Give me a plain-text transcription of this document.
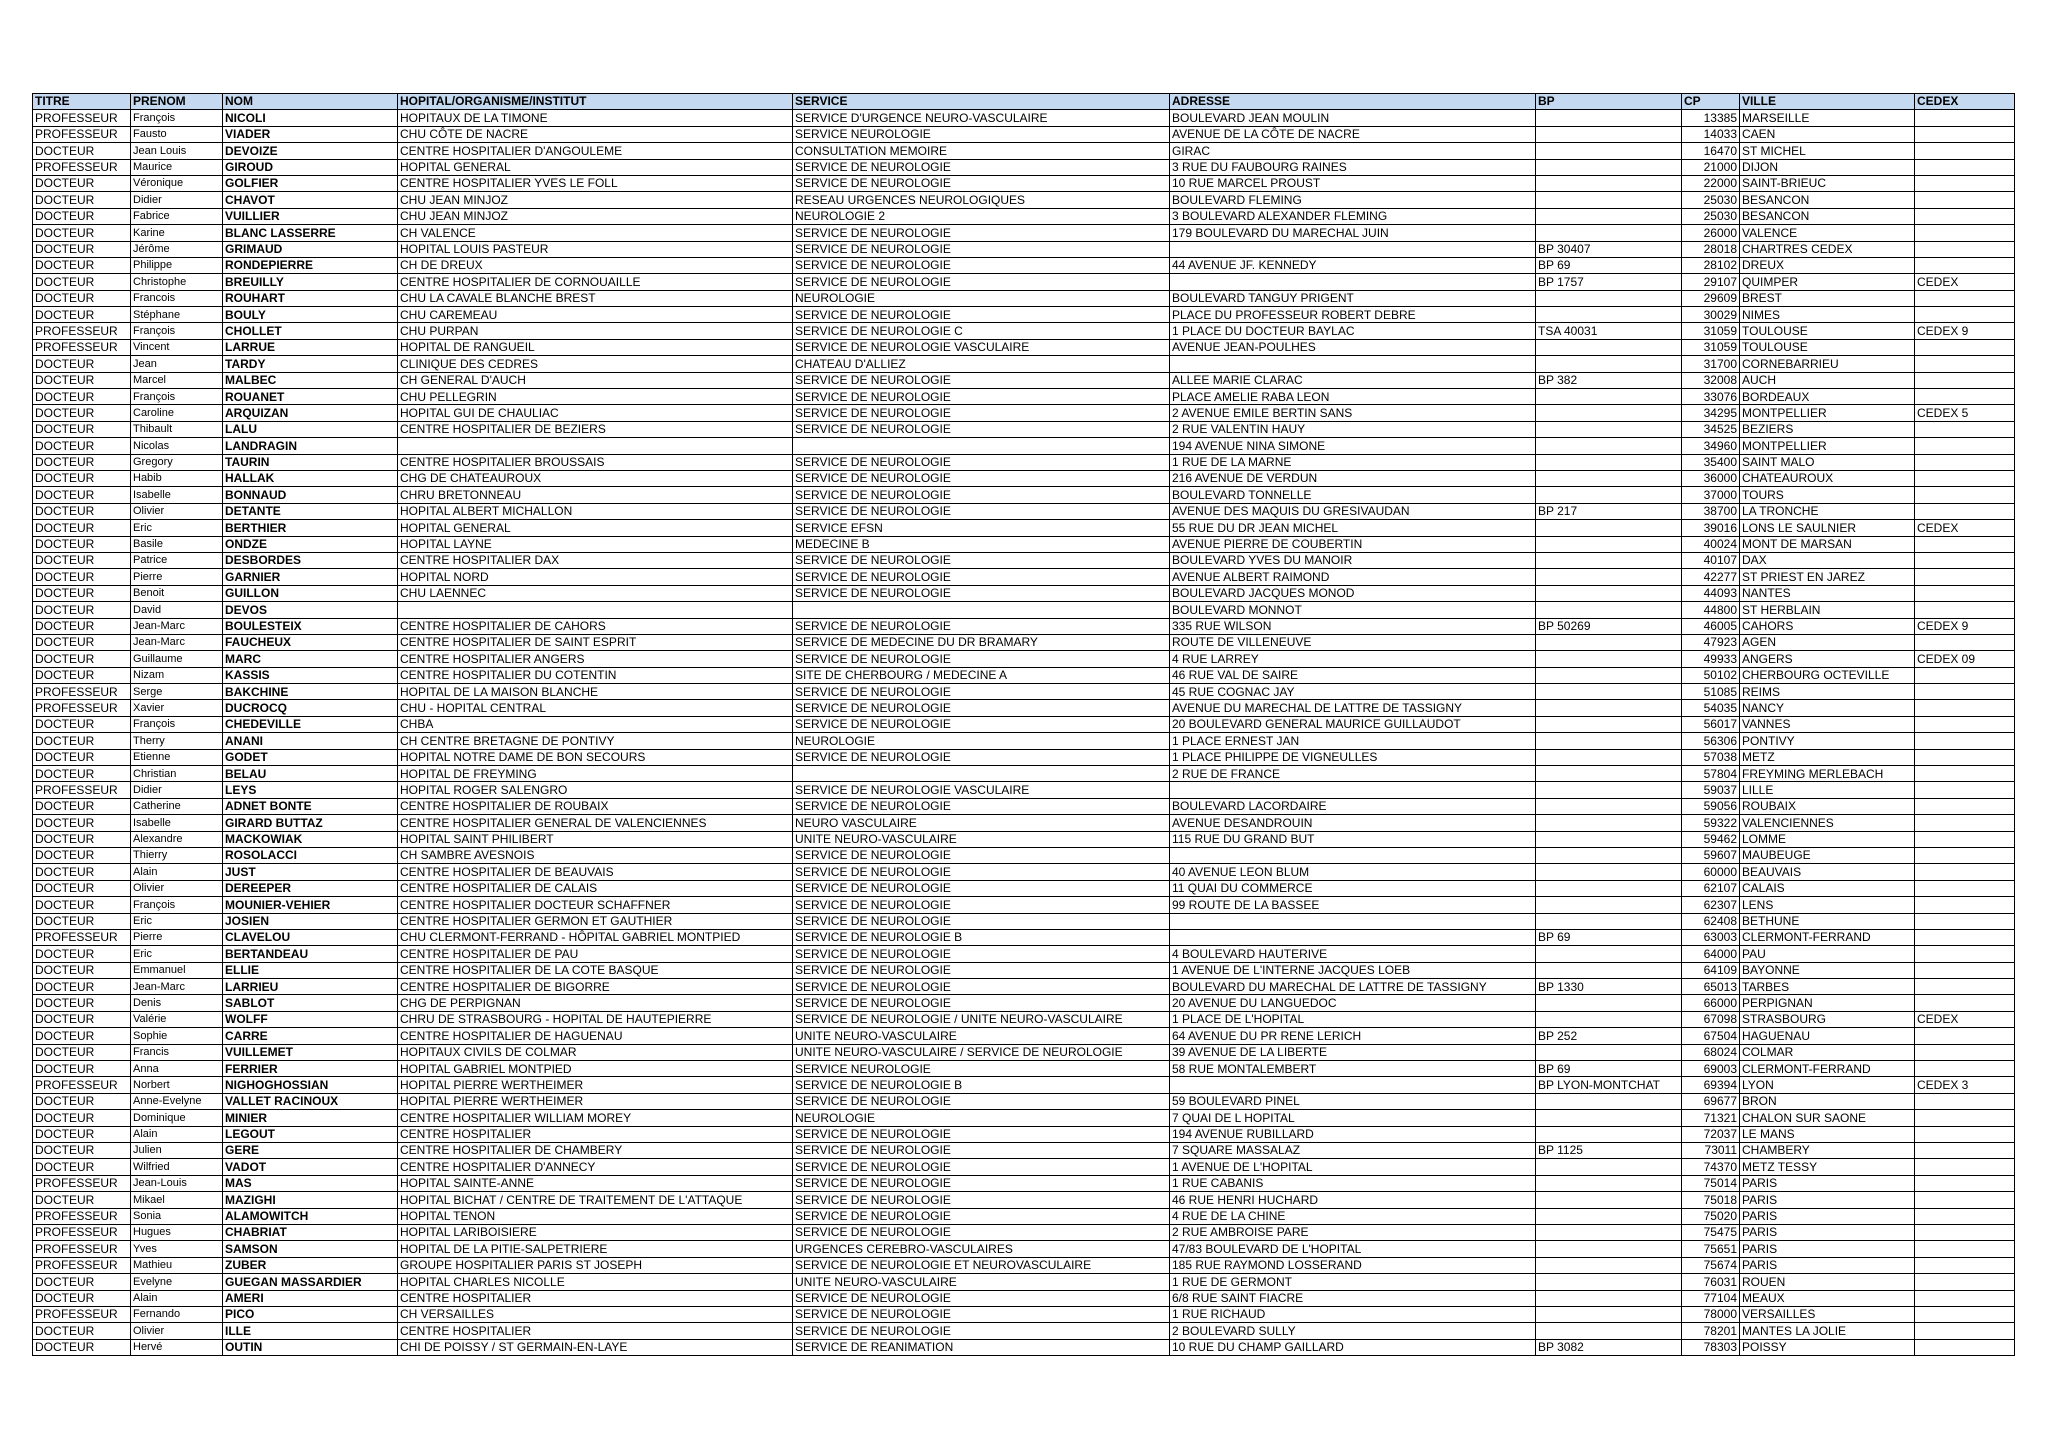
TITRE	PRENOM	NOM	HOPITAL/ORGANISME/INSTITUT	SERVICE	ADRESSE	BP	CP	VILLE	CEDEX
PROFESSEUR	François	NICOLI	HOPITAUX DE LA TIMONE	SERVICE D'URGENCE NEURO-VASCULAIRE	BOULEVARD JEAN MOULIN		13385	MARSEILLE	
PROFESSEUR	Fausto	VIADER	CHU CÔTE DE NACRE	SERVICE NEUROLOGIE	AVENUE DE LA CÔTE DE NACRE		14033	CAEN	
DOCTEUR	Jean Louis	DEVOIZE	CENTRE HOSPITALIER D'ANGOULEME	CONSULTATION MEMOIRE	GIRAC		16470	ST MICHEL	
PROFESSEUR	Maurice	GIROUD	HOPITAL GENERAL	SERVICE DE NEUROLOGIE	3 RUE DU FAUBOURG RAINES		21000	DIJON	
DOCTEUR	Véronique	GOLFIER	CENTRE HOSPITALIER YVES LE FOLL	SERVICE DE NEUROLOGIE	10 RUE MARCEL PROUST		22000	SAINT-BRIEUC	
DOCTEUR	Didier	CHAVOT	CHU JEAN MINJOZ	RESEAU URGENCES NEUROLOGIQUES	BOULEVARD FLEMING		25030	BESANCON	
DOCTEUR	Fabrice	VUILLIER	CHU JEAN MINJOZ	NEUROLOGIE 2	3 BOULEVARD ALEXANDER FLEMING		25030	BESANCON	
DOCTEUR	Karine	BLANC LASSERRE	CH VALENCE	SERVICE DE NEUROLOGIE	179 BOULEVARD DU MARECHAL JUIN		26000	VALENCE	
DOCTEUR	Jérôme	GRIMAUD	HOPITAL LOUIS PASTEUR	SERVICE DE NEUROLOGIE		BP 30407	28018	CHARTRES CEDEX	
DOCTEUR	Philippe	RONDEPIERRE	CH DE DREUX	SERVICE DE NEUROLOGIE	44 AVENUE JF. KENNEDY	BP 69	28102	DREUX	
DOCTEUR	Christophe	BREUILLY	CENTRE HOSPITALIER DE CORNOUAILLE	SERVICE DE NEUROLOGIE		BP 1757	29107	QUIMPER	CEDEX
DOCTEUR	Francois	ROUHART	CHU LA CAVALE BLANCHE BREST	NEUROLOGIE	BOULEVARD TANGUY PRIGENT		29609	BREST	
DOCTEUR	Stéphane	BOULY	CHU CAREMEAU	SERVICE DE NEUROLOGIE	PLACE DU PROFESSEUR ROBERT DEBRE		30029	NIMES	
PROFESSEUR	François	CHOLLET	CHU PURPAN	SERVICE DE NEUROLOGIE C	1 PLACE DU DOCTEUR BAYLAC	TSA 40031	31059	TOULOUSE	CEDEX 9
PROFESSEUR	Vincent	LARRUE	HOPITAL DE RANGUEIL	SERVICE DE NEUROLOGIE VASCULAIRE	AVENUE JEAN-POULHES		31059	TOULOUSE	
DOCTEUR	Jean	TARDY	CLINIQUE DES CEDRES	CHATEAU D'ALLIEZ			31700	CORNEBARRIEU	
DOCTEUR	Marcel	MALBEC	CH GENERAL D'AUCH	SERVICE DE NEUROLOGIE	ALLEE MARIE CLARAC	BP 382	32008	AUCH	
DOCTEUR	François	ROUANET	CHU PELLEGRIN	SERVICE DE NEUROLOGIE	PLACE AMELIE RABA LEON		33076	BORDEAUX	
DOCTEUR	Caroline	ARQUIZAN	HOPITAL GUI DE CHAULIAC	SERVICE DE NEUROLOGIE	2 AVENUE EMILE BERTIN SANS		34295	MONTPELLIER	CEDEX 5
DOCTEUR	Thibault	LALU	CENTRE HOSPITALIER DE BEZIERS	SERVICE DE NEUROLOGIE	2 RUE VALENTIN HAUY		34525	BEZIERS	
DOCTEUR	Nicolas	LANDRAGIN			194 AVENUE NINA SIMONE		34960	MONTPELLIER	
DOCTEUR	Gregory	TAURIN	CENTRE HOSPITALIER BROUSSAIS	SERVICE DE NEUROLOGIE	1 RUE DE LA MARNE		35400	SAINT MALO	
DOCTEUR	Habib	HALLAK	CHG DE CHATEAUROUX	SERVICE DE NEUROLOGIE	216 AVENUE DE VERDUN		36000	CHATEAUROUX	
DOCTEUR	Isabelle	BONNAUD	CHRU BRETONNEAU	SERVICE DE NEUROLOGIE	BOULEVARD TONNELLE		37000	TOURS	
DOCTEUR	Olivier	DETANTE	HOPITAL ALBERT MICHALLON	SERVICE DE NEUROLOGIE	AVENUE DES MAQUIS DU GRESIVAUDAN	BP 217	38700	LA TRONCHE	
DOCTEUR	Eric	BERTHIER	HOPITAL GENERAL	SERVICE EFSN	55 RUE DU DR JEAN MICHEL		39016	LONS LE SAULNIER	CEDEX
DOCTEUR	Basile	ONDZE	HOPITAL LAYNE	MEDECINE B	AVENUE PIERRE DE COUBERTIN		40024	MONT DE MARSAN	
DOCTEUR	Patrice	DESBORDES	CENTRE HOSPITALIER DAX	SERVICE DE NEUROLOGIE	BOULEVARD YVES DU MANOIR		40107	DAX	
DOCTEUR	Pierre	GARNIER	HOPITAL NORD	SERVICE DE NEUROLOGIE	AVENUE ALBERT RAIMOND		42277	ST PRIEST EN JAREZ	
DOCTEUR	Benoit	GUILLON	CHU LAENNEC	SERVICE DE NEUROLOGIE	BOULEVARD JACQUES MONOD		44093	NANTES	
DOCTEUR	David	DEVOS			BOULEVARD MONNOT		44800	ST HERBLAIN	
DOCTEUR	Jean-Marc	BOULESTEIX	CENTRE HOSPITALIER DE CAHORS	SERVICE DE NEUROLOGIE	335 RUE WILSON	BP 50269	46005	CAHORS	CEDEX 9
DOCTEUR	Jean-Marc	FAUCHEUX	CENTRE HOSPITALIER DE SAINT ESPRIT	SERVICE DE MEDECINE DU DR BRAMARY	ROUTE DE VILLENEUVE		47923	AGEN	
DOCTEUR	Guillaume	MARC	CENTRE HOSPITALIER ANGERS	SERVICE DE NEUROLOGIE	4 RUE LARREY		49933	ANGERS	CEDEX 09
DOCTEUR	Nizam	KASSIS	CENTRE HOSPITALIER DU COTENTIN	SITE DE CHERBOURG / MEDECINE A	46 RUE VAL DE SAIRE		50102	CHERBOURG OCTEVILLE	
PROFESSEUR	Serge	BAKCHINE	HOPITAL DE LA MAISON BLANCHE	SERVICE DE NEUROLOGIE	45 RUE COGNAC JAY		51085	REIMS	
PROFESSEUR	Xavier	DUCROCQ	CHU - HOPITAL CENTRAL	SERVICE DE NEUROLOGIE	AVENUE DU MARECHAL DE LATTRE DE TASSIGNY		54035	NANCY	
DOCTEUR	François	CHEDEVILLE	CHBA	SERVICE DE NEUROLOGIE	20 BOULEVARD GENERAL MAURICE GUILLAUDOT		56017	VANNES	
DOCTEUR	Therry	ANANI	CH CENTRE BRETAGNE DE PONTIVY	NEUROLOGIE	1 PLACE ERNEST JAN		56306	PONTIVY	
DOCTEUR	Etienne	GODET	HOPITAL NOTRE DAME DE BON SECOURS	SERVICE DE NEUROLOGIE	1 PLACE PHILIPPE DE VIGNEULLES		57038	METZ	
DOCTEUR	Christian	BELAU	HOPITAL DE FREYMING		2 RUE DE FRANCE		57804	FREYMING MERLEBACH	
PROFESSEUR	Didier	LEYS	HOPITAL ROGER SALENGRO	SERVICE DE NEUROLOGIE VASCULAIRE			59037	LILLE	
DOCTEUR	Catherine	ADNET BONTE	CENTRE HOSPITALIER DE ROUBAIX	SERVICE DE NEUROLOGIE	BOULEVARD LACORDAIRE		59056	ROUBAIX	
DOCTEUR	Isabelle	GIRARD BUTTAZ	CENTRE HOSPITALIER GENERAL DE VALENCIENNES	NEURO VASCULAIRE	AVENUE DESANDROUIN		59322	VALENCIENNES	
DOCTEUR	Alexandre	MACKOWIAK	HOPITAL SAINT PHILIBERT	UNITE NEURO-VASCULAIRE	115 RUE DU GRAND BUT		59462	LOMME	
DOCTEUR	Thierry	ROSOLACCI	CH SAMBRE AVESNOIS	SERVICE DE NEUROLOGIE			59607	MAUBEUGE	
DOCTEUR	Alain	JUST	CENTRE HOSPITALIER DE BEAUVAIS	SERVICE DE NEUROLOGIE	40 AVENUE LEON BLUM		60000	BEAUVAIS	
DOCTEUR	Olivier	DEREEPER	CENTRE HOSPITALIER DE CALAIS	SERVICE DE NEUROLOGIE	11 QUAI DU COMMERCE		62107	CALAIS	
DOCTEUR	François	MOUNIER-VEHIER	CENTRE HOSPITALIER DOCTEUR SCHAFFNER	SERVICE DE NEUROLOGIE	99 ROUTE DE LA BASSEE		62307	LENS	
DOCTEUR	Eric	JOSIEN	CENTRE HOSPITALIER GERMON ET GAUTHIER	SERVICE DE NEUROLOGIE			62408	BETHUNE	
PROFESSEUR	Pierre	CLAVELOU	CHU CLERMONT-FERRAND - HÔPITAL GABRIEL MONTPIED	SERVICE DE NEUROLOGIE B		BP 69	63003	CLERMONT-FERRAND	
DOCTEUR	Eric	BERTANDEAU	CENTRE HOSPITALIER DE PAU	SERVICE DE NEUROLOGIE	4 BOULEVARD HAUTERIVE		64000	PAU	
DOCTEUR	Emmanuel	ELLIE	CENTRE HOSPITALIER DE LA COTE BASQUE	SERVICE DE NEUROLOGIE	1 AVENUE DE L'INTERNE JACQUES LOEB		64109	BAYONNE	
DOCTEUR	Jean-Marc	LARRIEU	CENTRE HOSPITALIER DE BIGORRE	SERVICE DE NEUROLOGIE	BOULEVARD DU MARECHAL DE LATTRE DE TASSIGNY	BP 1330	65013	TARBES	
DOCTEUR	Denis	SABLOT	CHG DE PERPIGNAN	SERVICE DE NEUROLOGIE	20 AVENUE DU LANGUEDOC		66000	PERPIGNAN	
DOCTEUR	Valérie	WOLFF	CHRU DE STRASBOURG - HOPITAL DE HAUTEPIERRE	SERVICE DE NEUROLOGIE / UNITE NEURO-VASCULAIRE	1 PLACE DE L'HOPITAL		67098	STRASBOURG	CEDEX
DOCTEUR	Sophie	CARRE	CENTRE HOSPITALIER DE HAGUENAU	UNITE NEURO-VASCULAIRE	64 AVENUE DU PR RENE LERICH	BP 252	67504	HAGUENAU	
DOCTEUR	Francis	VUILLEMET	HOPITAUX CIVILS DE COLMAR	UNITE NEURO-VASCULAIRE / SERVICE DE NEUROLOGIE	39 AVENUE DE LA LIBERTE		68024	COLMAR	
DOCTEUR	Anna	FERRIER	HOPITAL GABRIEL MONTPIED	SERVICE NEUROLOGIE	58 RUE MONTALEMBERT	BP 69	69003	CLERMONT-FERRAND	
PROFESSEUR	Norbert	NIGHOGHOSSIAN	HOPITAL PIERRE WERTHEIMER	SERVICE DE NEUROLOGIE B		BP LYON-MONTCHAT	69394	LYON	CEDEX 3
DOCTEUR	Anne-Evelyne	VALLET RACINOUX	HOPITAL PIERRE WERTHEIMER	SERVICE DE NEUROLOGIE	59 BOULEVARD PINEL		69677	BRON	
DOCTEUR	Dominique	MINIER	CENTRE HOSPITALIER WILLIAM MOREY	NEUROLOGIE	7 QUAI DE L HOPITAL		71321	CHALON SUR SAONE	
DOCTEUR	Alain	LEGOUT	CENTRE HOSPITALIER	SERVICE DE NEUROLOGIE	194 AVENUE RUBILLARD		72037	LE MANS	
DOCTEUR	Julien	GERE	CENTRE HOSPITALIER DE CHAMBERY	SERVICE DE NEUROLOGIE	7 SQUARE MASSALAZ	BP 1125	73011	CHAMBERY	
DOCTEUR	Wilfried	VADOT	CENTRE HOSPITALIER D'ANNECY	SERVICE DE NEUROLOGIE	1 AVENUE DE L'HOPITAL		74370	METZ TESSY	
PROFESSEUR	Jean-Louis	MAS	HOPITAL SAINTE-ANNE	SERVICE DE NEUROLOGIE	1 RUE CABANIS		75014	PARIS	
DOCTEUR	Mikael	MAZIGHI	HOPITAL BICHAT / CENTRE DE TRAITEMENT DE L'ATTAQUE	SERVICE DE NEUROLOGIE	46 RUE HENRI HUCHARD		75018	PARIS	
PROFESSEUR	Sonia	ALAMOWITCH	HOPITAL TENON	SERVICE DE NEUROLOGIE	4 RUE DE LA CHINE		75020	PARIS	
PROFESSEUR	Hugues	CHABRIAT	HOPITAL LARIBOISIERE	SERVICE DE NEUROLOGIE	2 RUE AMBROISE PARE		75475	PARIS	
PROFESSEUR	Yves	SAMSON	HOPITAL DE LA PITIE-SALPETRIERE	URGENCES CEREBRO-VASCULAIRES	47/83 BOULEVARD DE L'HOPITAL		75651	PARIS	
PROFESSEUR	Mathieu	ZUBER	GROUPE HOSPITALIER PARIS ST JOSEPH	SERVICE DE NEUROLOGIE ET NEUROVASCULAIRE	185 RUE RAYMOND LOSSERAND		75674	PARIS	
DOCTEUR	Evelyne	GUEGAN MASSARDIER	HOPITAL CHARLES NICOLLE	UNITE NEURO-VASCULAIRE	1 RUE DE GERMONT		76031	ROUEN	
DOCTEUR	Alain	AMERI	CENTRE HOSPITALIER	SERVICE DE NEUROLOGIE	6/8 RUE SAINT FIACRE		77104	MEAUX	
PROFESSEUR	Fernando	PICO	CH VERSAILLES	SERVICE DE NEUROLOGIE	1 RUE RICHAUD		78000	VERSAILLES	
DOCTEUR	Olivier	ILLE	CENTRE HOSPITALIER	SERVICE DE NEUROLOGIE	2 BOULEVARD SULLY		78201	MANTES LA JOLIE	
DOCTEUR	Hervé	OUTIN	CHI DE POISSY / ST GERMAIN-EN-LAYE	SERVICE DE REANIMATION	10 RUE DU CHAMP GAILLARD	BP 3082	78303	POISSY	
